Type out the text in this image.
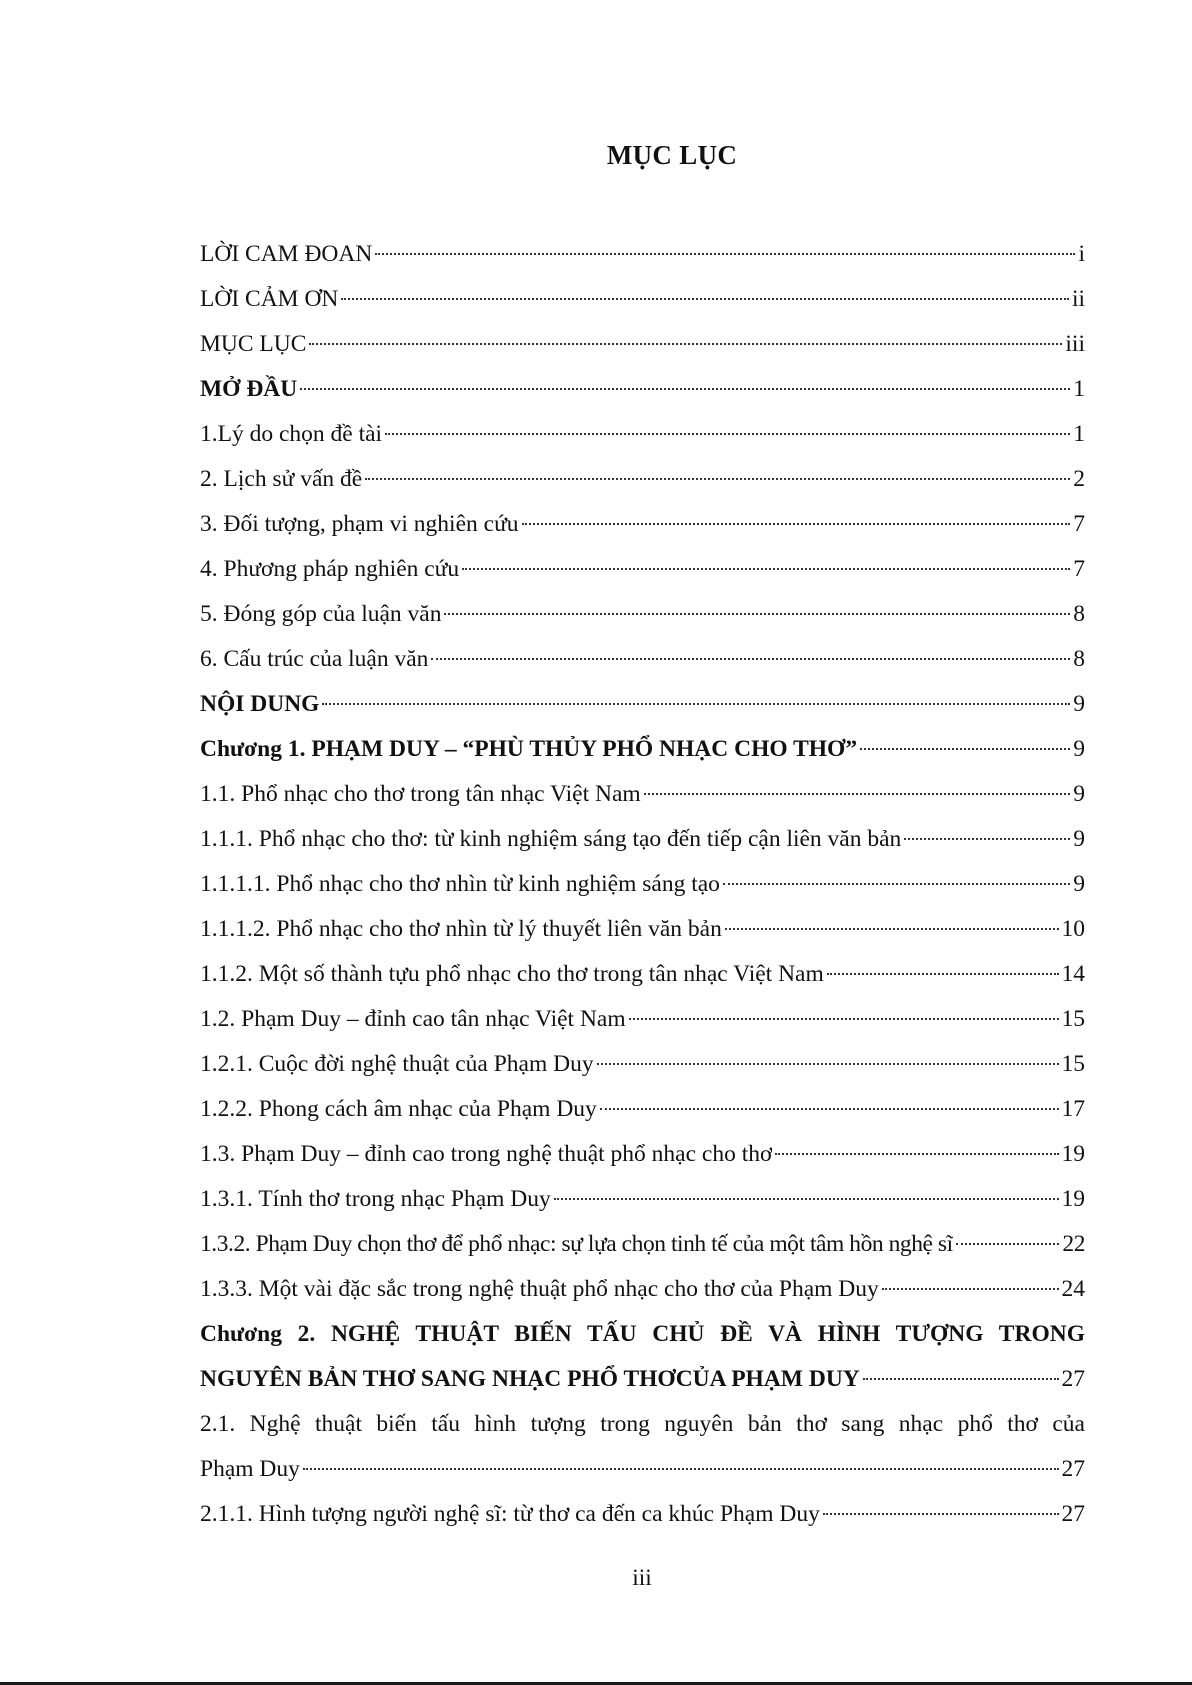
MỤC LỤC
LỜI CAM ĐOAN	i
LỜI CẢM ƠN	ii
MỤC LỤC	iii
MỞ ĐẦU	1
1.Lý do chọn đề tài	1
2. Lịch sử vấn đề	2
3. Đối tượng, phạm vi nghiên cứu	7
4. Phương pháp nghiên cứu	7
5. Đóng góp của luận văn	8
6. Cấu trúc của luận văn	8
NỘI DUNG	9
Chương 1. PHẠM DUY – “PHÙ THỦY PHỔ NHẠC CHO THƠ”	9
1.1. Phổ nhạc cho thơ trong tân nhạc Việt Nam	9
1.1.1. Phổ nhạc cho thơ: từ kinh nghiệm sáng tạo đến tiếp cận liên văn bản	9
1.1.1.1. Phổ nhạc cho thơ nhìn từ kinh nghiệm sáng tạo	9
1.1.1.2. Phổ nhạc cho thơ nhìn từ lý thuyết liên văn bản	10
1.1.2. Một số thành tựu phổ nhạc cho thơ trong tân nhạc Việt Nam	14
1.2. Phạm Duy – đỉnh cao tân nhạc Việt Nam	15
1.2.1. Cuộc đời nghệ thuật của Phạm Duy	15
1.2.2. Phong cách âm nhạc của Phạm Duy	17
1.3. Phạm Duy – đỉnh cao trong nghệ thuật phổ nhạc cho thơ	19
1.3.1. Tính thơ trong nhạc Phạm Duy	19
1.3.2. Phạm Duy chọn thơ để phổ nhạc: sự lựa chọn tinh tế của một tâm hồn nghệ sĩ	22
1.3.3. Một vài đặc sắc trong nghệ thuật phổ nhạc cho thơ của Phạm Duy	24
Chương 2. NGHỆ THUẬT BIẾN TẤU CHỦ ĐỀ VÀ HÌNH TƯỢNG TRONG
NGUYÊN BẢN THƠ SANG NHẠC PHỔ THƠCỦA PHẠM DUY	27
2.1. Nghệ thuật biến tấu hình tượng trong nguyên bản thơ sang nhạc phổ thơ của
Phạm Duy	27
2.1.1. Hình tượng người nghệ sĩ: từ thơ ca đến ca khúc Phạm Duy	27
iii
